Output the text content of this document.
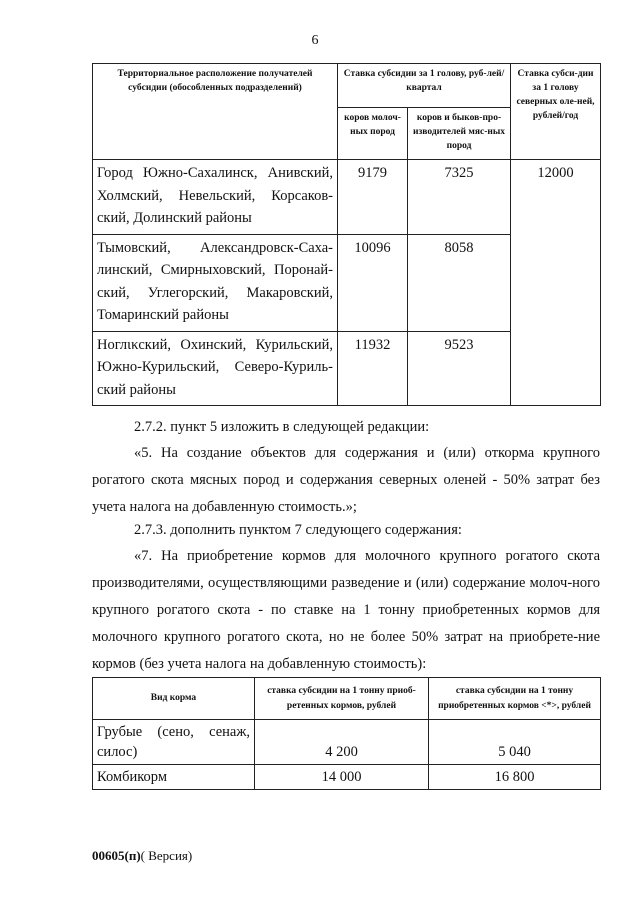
6
Территориальное расположение получателей субсидии (обособленных подразделений)	Ставка субсидии за 1 голову, руб-лей/квартал		Ставка субси-дии за 1 голову северных оле-ней, рублей/год
	коров молоч-ных пород	коров и быков-про-изводителей мяс-ных пород	
Город Южно-Сахалинск, Анивский, Холмский, Невельский, Корсаков-ский, Долинский районы	9179	7325	12000
Тымовский, Александровск-Саха-линский, Смирныховский, Поронай-ский, Углегорский, Макаровский, Томаринский районы	10096	8058	
Ноглικский, Охинский, Курильский, Южно-Курильский, Северо-Куриль-ский районы	11932	9523	
2.7.2. пункт 5 изложить в следующей редакции:
«5. На создание объектов для содержания и (или) откорма крупного рогатого скота мясных пород и содержания северных оленей - 50% затрат без учета налога на добавленную стоимость.»;
2.7.3. дополнить пунктом 7 следующего содержания:
«7. На приобретение кормов для молочного крупного рогатого скота производителями, осуществляющими разведение и (или) содержание молоч-ного крупного рогатого скота - по ставке на 1 тонну приобретенных кормов для молочного крупного рогатого скота, но не более 50% затрат на приобрете-ние кормов (без учета налога на добавленную стоимость):
Вид корма	ставка субсидии на 1 тонну приоб-ретенных кормов, рублей	ставка субсидии на 1 тонну приобретенных кормов <*>, рублей
Грубые (сено, сенаж, силос)	4 200	5 040
Комбикорм	14 000	16 800
00605(п)( Версия)
